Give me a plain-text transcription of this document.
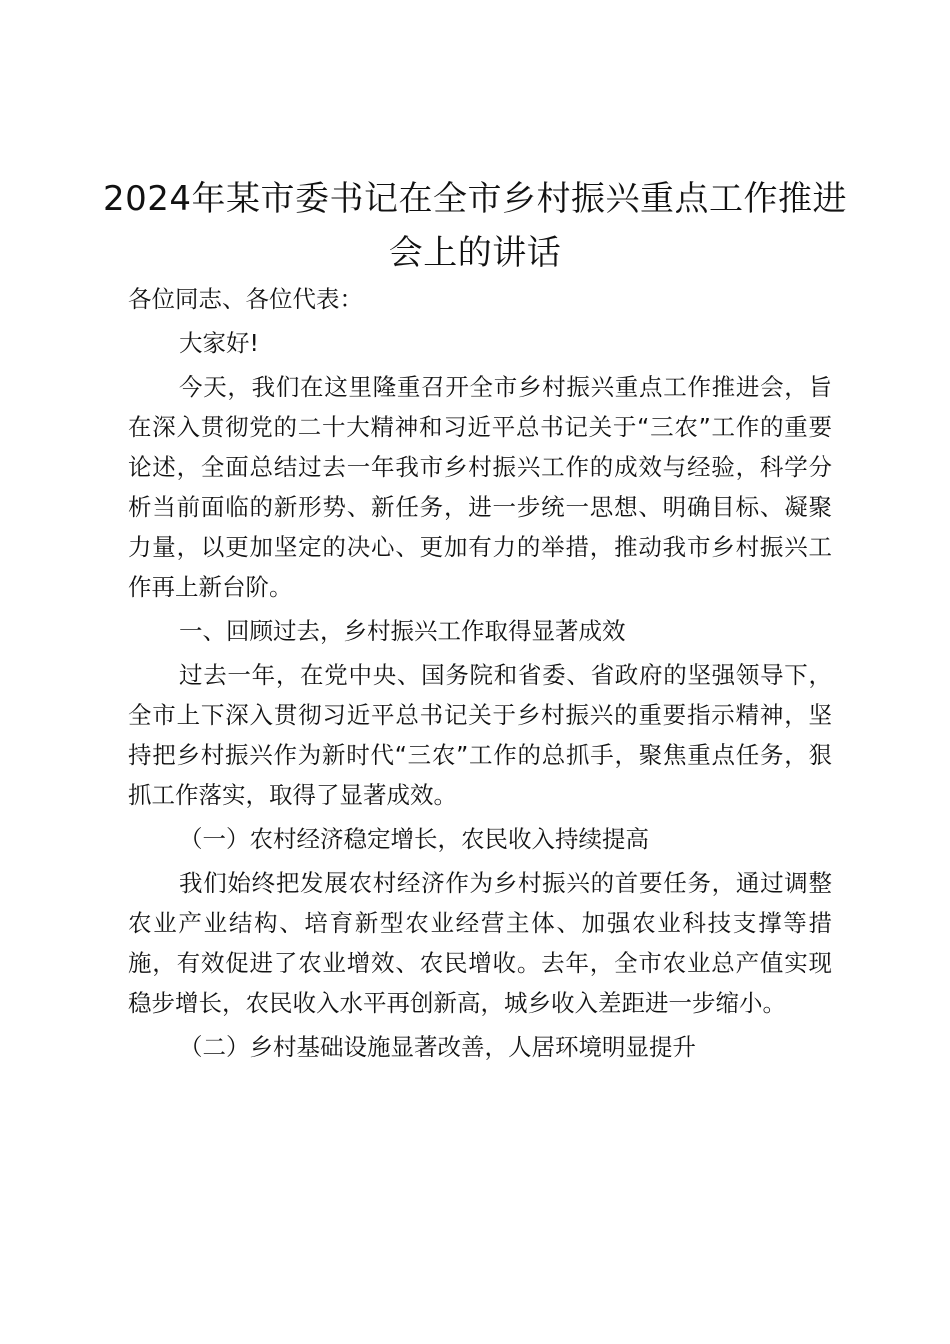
2024年某市委书记在全市乡村振兴重点工作推进会上的讲话

各位同志、各位代表：

大家好!

今天，我们在这里隆重召开全市乡村振兴重点工作推进会，旨在深入贯彻党的二十大精神和习近平总书记关于“三农”工作的重要论述，全面总结过去一年我市乡村振兴工作的成效与经验，科学分析当前面临的新形势、新任务，进一步统一思想、明确目标、凝聚力量，以更加坚定的决心、更加有力的举措，推动我市乡村振兴工作再上新台阶。

一、回顾过去，乡村振兴工作取得显著成效

过去一年，在党中央、国务院和省委、省政府的坚强领导下，全市上下深入贯彻习近平总书记关于乡村振兴的重要指示精神，坚持把乡村振兴作为新时代“三农”工作的总抓手，聚焦重点任务，狠抓工作落实，取得了显著成效。

（一）农村经济稳定增长，农民收入持续提高

我们始终把发展农村经济作为乡村振兴的首要任务，通过调整农业产业结构、培育新型农业经营主体、加强农业科技支撑等措施，有效促进了农业增效、农民增收。去年，全市农业总产值实现稳步增长，农民收入水平再创新高，城乡收入差距进一步缩小。

（二）乡村基础设施显著改善，人居环境明显提升
